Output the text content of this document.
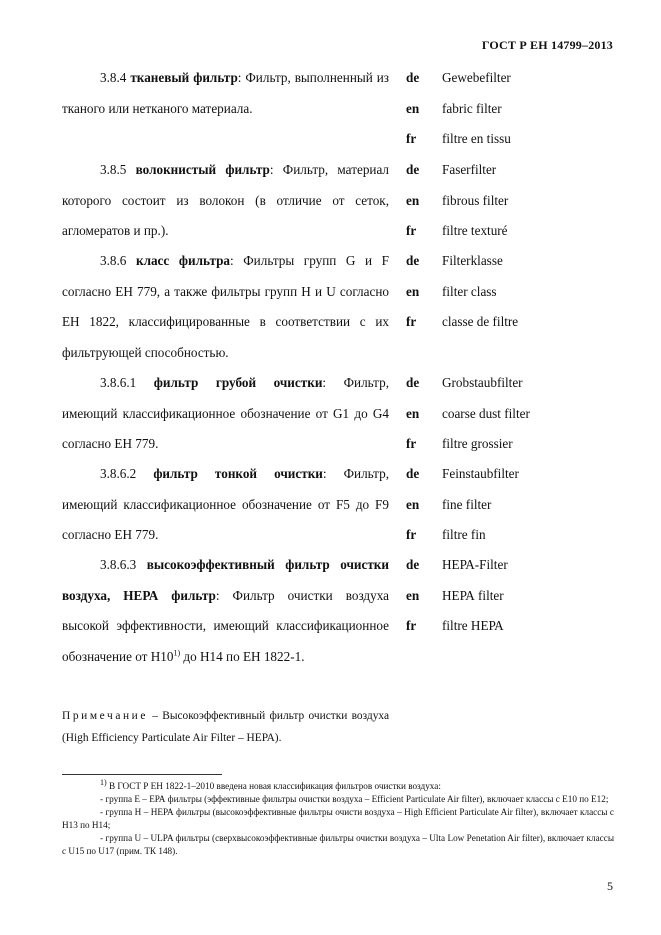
ГОСТ Р ЕН 14799–2013

3.8.4 тканевый фильтр: Фильтр, выполненный из тканого или нетканого материала.

de	Gewebefilter
en	fabric filter
fr	filtre en tissu

3.8.5 волокнистый фильтр: Фильтр, материал которого состоит из волокон (в отличие от сеток, агломератов и пр.).

de	Faserfilter
en	fibrous filter
fr	filtre texturé

3.8.6 класс фильтра: Фильтры групп G и F согласно ЕН 779, а также фильтры групп Н и U согласно ЕН 1822, классифицированные в соответствии с их фильтрующей способностью.

de	Filterklasse
en	filter class
fr	classe de filtre

3.8.6.1 фильтр грубой очистки: Фильтр, имеющий классификационное обозначение от G1 до G4 согласно ЕН 779.

de	Grobstaubfilter
en	coarse dust filter
fr	filtre grossier

3.8.6.2 фильтр тонкой очистки: Фильтр, имеющий классификационное обозначение от F5 до F9 согласно ЕН 779.

de	Feinstaubfilter
en	fine filter
fr	filtre fin

3.8.6.3 высокоэффективный фильтр очистки воздуха, НЕРА фильтр: Фильтр очистки воздуха высокой эффективности, имеющий классификационное обозначение от Н10$^{1)}$ до Н14 по ЕН 1822-1.

de	НЕРА-Filter
en	НЕРА filter
fr	filtre НЕРА
Примечание – Высокоэффективный фильтр очистки воздуха (High Efficiency Particulate Air Filter – НЕРА).

$^{1)}$ В ГОСТ Р ЕН 1822-1–2010 введена новая классификация фильтров очистки воздуха:

- группа Е – ЕРА фильтры (эффективные фильтры очистки воздуха – Efficient Particulate Air filter), включает классы с Е10 по Е12;

- группа Н – НЕРА фильтры (высокоэффективные фильтры очисти воздуха – High Efficient Particulate Air filter), включает классы с Н13 по Н14;

- группа U – ULPA фильтры (сверхвысокоэффективные фильтры очистки воздуха – Ulta Low Penetation Air filter), включает классы с U15 по U17 (прим. ТК 148).

5
